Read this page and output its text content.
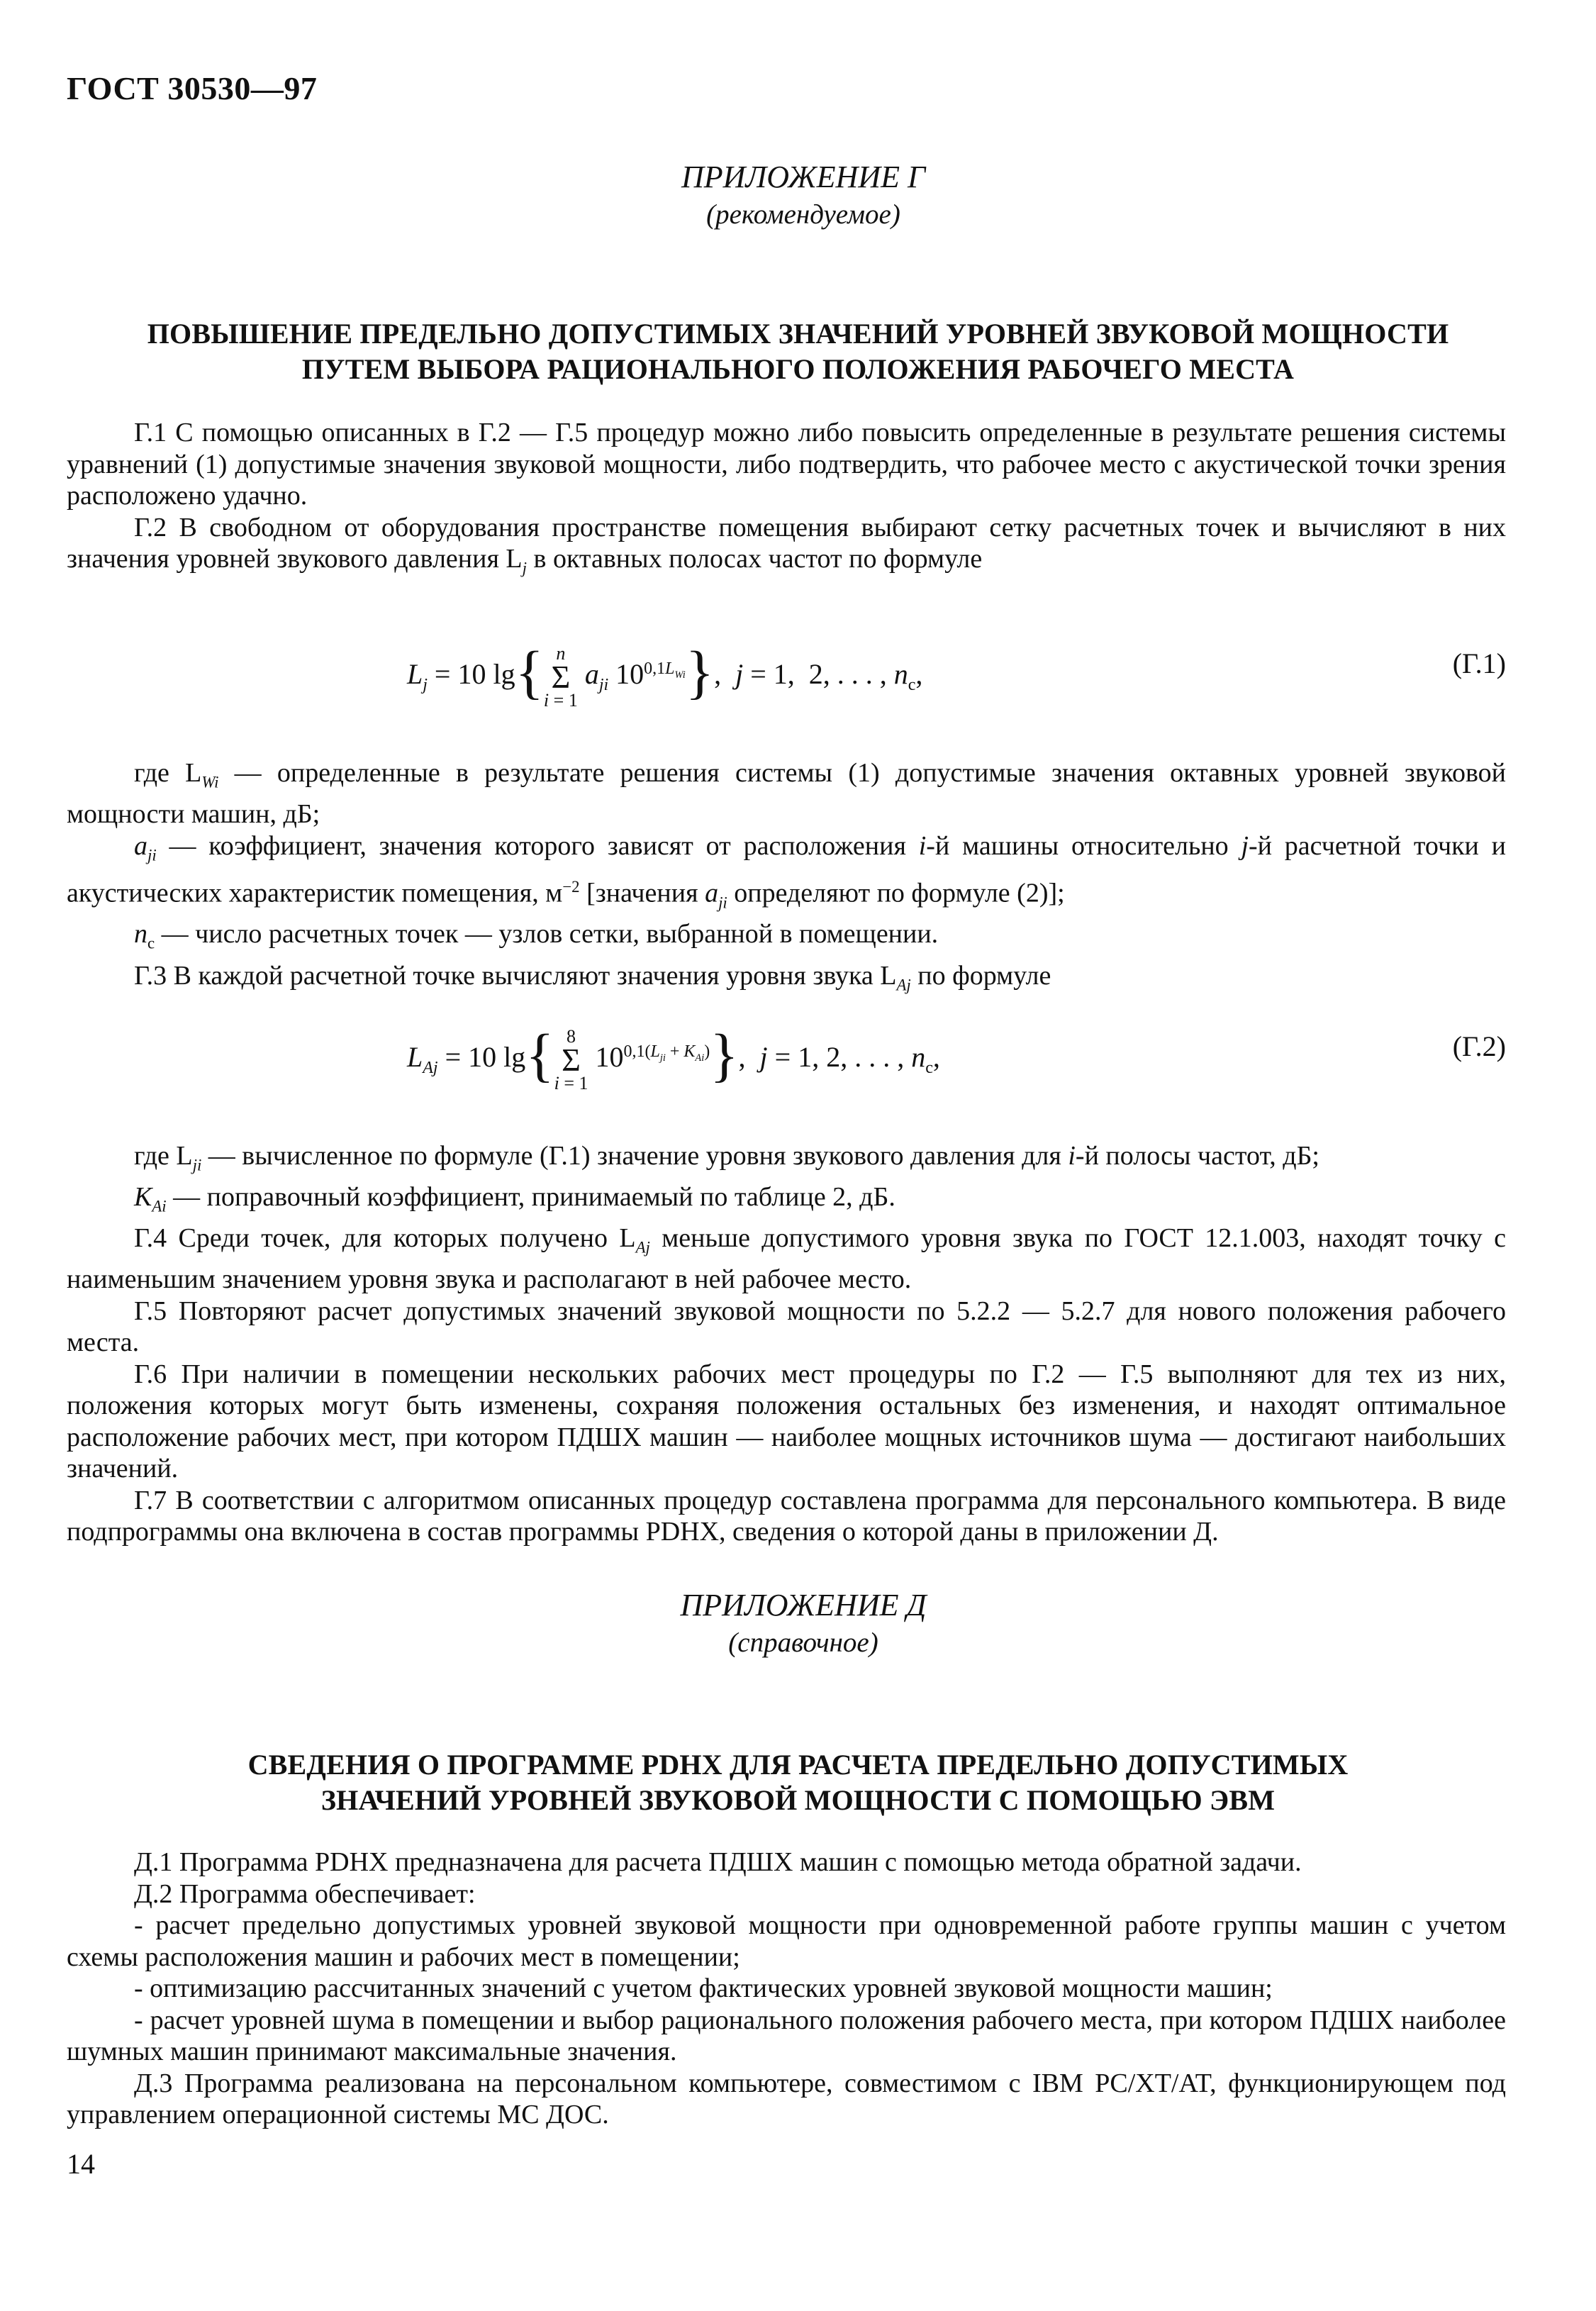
ГОСТ 30530—97
ПРИЛОЖЕНИЕ Г
(рекомендуемое)
ПОВЫШЕНИЕ ПРЕДЕЛЬНО ДОПУСТИМЫХ ЗНАЧЕНИЙ УРОВНЕЙ ЗВУКОВОЙ МОЩНОСТИ
ПУТЕМ ВЫБОРА РАЦИОНАЛЬНОГО ПОЛОЖЕНИЯ РАБОЧЕГО МЕСТА

Г.1 С помощью описанных в Г.2 — Г.5 процедур можно либо повысить определенные в результате решения системы уравнений (1) допустимые значения звуковой мощности, либо подтвердить, что рабочее место с акустической точки зрения расположено удачно.

Г.2 В свободном от оборудования пространстве помещения выбирают сетку расчетных точек и вычисляют в них значения уровней звукового давления $L_j$ в октавных полосах частот по формуле

$L_j = 10$ lg{ n
Σ
i = 1 $a_{ji}$ $10^{0,1L_{Wi}}$},  j = 1,  2, . . . , $n_c$,	(Г.1)

где $L_{Wi}$ — определенные в результате решения системы (1) допустимые значения октавных уровней звуковой мощности машин, дБ;

$a_{ji}$ — коэффициент, значения которого зависят от расположения i-й машины относительно j-й расчетной точки и акустических характеристик помещения, $м^{-2}$ [значения $a_{ji}$ определяют по формуле (2)];

$n_c$ — число расчетных точек — узлов сетки, выбранной в помещении.

Г.3 В каждой расчетной точке вычисляют значения уровня звука $L_{Aj}$ по формуле

$L_{Aj} = 10$ lg{ 8
Σ
i = 1 $10^{0,1(L_{ji} + K_{Ai})}$},  j = 1, 2, . . . , $n_c$,	(Г.2)

где $L_{ji}$ — вычисленное по формуле (Г.1) значение уровня звукового давления для i-й полосы частот, дБ;

$K_{Ai}$ — поправочный коэффициент, принимаемый по таблице 2, дБ.

Г.4 Среди точек, для которых получено $L_{Aj}$ меньше допустимого уровня звука по ГОСТ 12.1.003, находят точку с наименьшим значением уровня звука и располагают в ней рабочее место.

Г.5 Повторяют расчет допустимых значений звуковой мощности по 5.2.2 — 5.2.7 для нового положения рабочего места.

Г.6 При наличии в помещении нескольких рабочих мест процедуры по Г.2 — Г.5 выполняют для тех из них, положения которых могут быть изменены, сохраняя положения остальных без изменения, и находят оптимальное расположение рабочих мест, при котором ПДШХ машин — наиболее мощных источников шума — достигают наибольших значений.

Г.7 В соответствии с алгоритмом описанных процедур составлена программа для персонального компьютера. В виде подпрограммы она включена в состав программы PDHX, сведения о которой даны в приложении Д.

ПРИЛОЖЕНИЕ Д
(справочное)
СВЕДЕНИЯ О ПРОГРАММЕ PDHX ДЛЯ РАСЧЕТА ПРЕДЕЛЬНО ДОПУСТИМЫХ
ЗНАЧЕНИЙ УРОВНЕЙ ЗВУКОВОЙ МОЩНОСТИ С ПОМОЩЬЮ ЭВМ

Д.1 Программа PDHX предназначена для расчета ПДШХ машин с помощью метода обратной задачи.

Д.2 Программа обеспечивает:

- расчет предельно допустимых уровней звуковой мощности при одновременной работе группы машин с учетом схемы расположения машин и рабочих мест в помещении;

- оптимизацию рассчитанных значений с учетом фактических уровней звуковой мощности машин;

- расчет уровней шума в помещении и выбор рационального положения рабочего места, при котором ПДШХ наиболее шумных машин принимают максимальные значения.

Д.3 Программа реализована на персональном компьютере, совместимом с IBM PC/XT/AT, функционирующем под управлением операционной системы МС ДОС.

14
